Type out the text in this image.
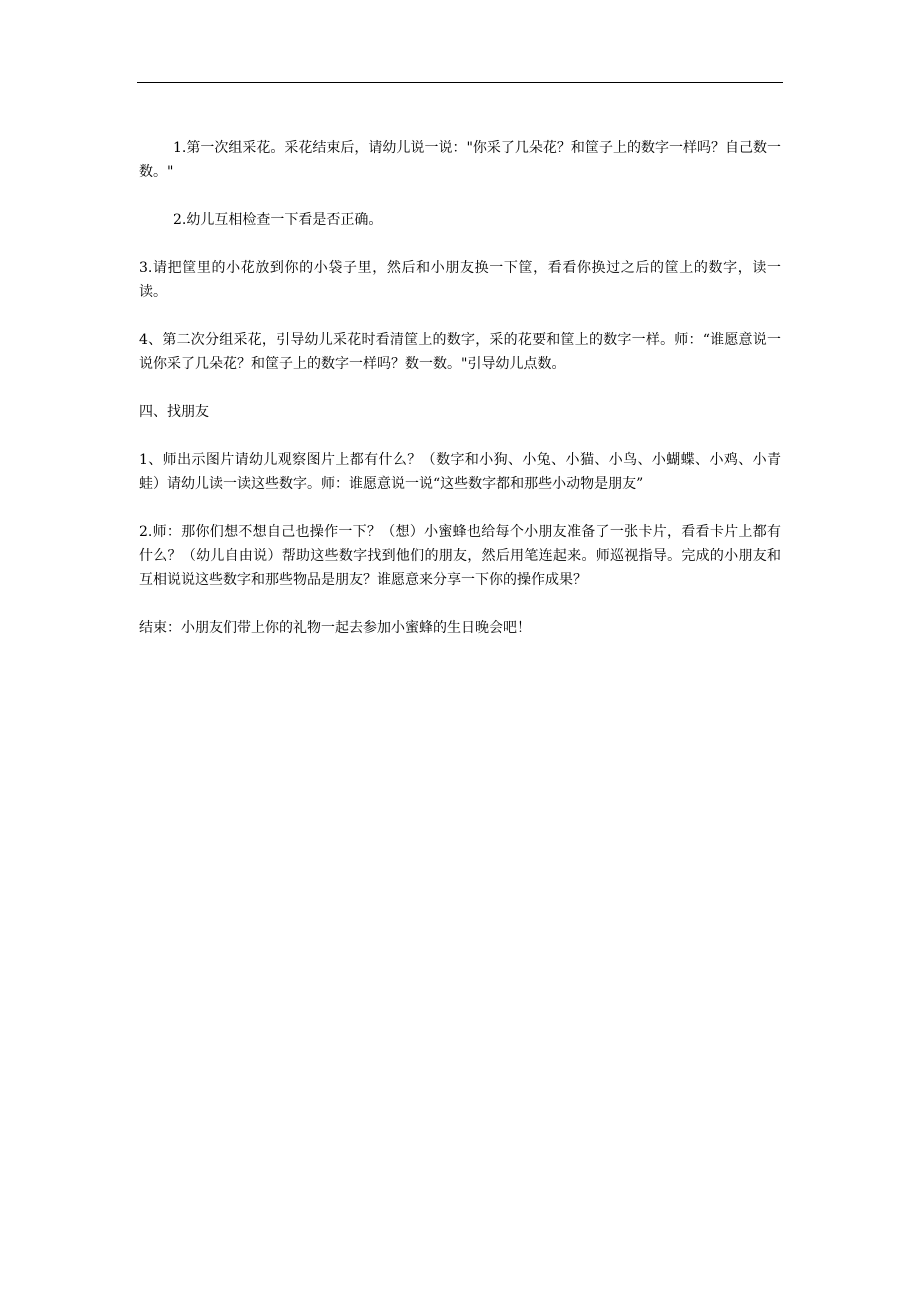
1.第一次组采花。采花结束后，请幼儿说一说："你采了几朵花？和筐子上的数字一样吗？自己数一数。"

2.幼儿互相检查一下看是否正确。

3.请把筐里的小花放到你的小袋子里，然后和小朋友换一下筐，看看你换过之后的筐上的数字，读一读。

4、第二次分组采花，引导幼儿采花时看清筐上的数字，采的花要和筐上的数字一样。师：“谁愿意说一说你采了几朵花？和筐子上的数字一样吗？数一数。"引导幼儿点数。

四、找朋友

1、师出示图片请幼儿观察图片上都有什么？（数字和小狗、小兔、小猫、小鸟、小蝴蝶、小鸡、小青蛙）请幼儿读一读这些数字。师：谁愿意说一说“这些数字都和那些小动物是朋友”

2.师：那你们想不想自己也操作一下？（想）小蜜蜂也给每个小朋友准备了一张卡片，看看卡片上都有什么？（幼儿自由说）帮助这些数字找到他们的朋友，然后用笔连起来。师巡视指导。完成的小朋友和互相说说这些数字和那些物品是朋友？谁愿意来分享一下你的操作成果？

结束：小朋友们带上你的礼物一起去参加小蜜蜂的生日晚会吧！
